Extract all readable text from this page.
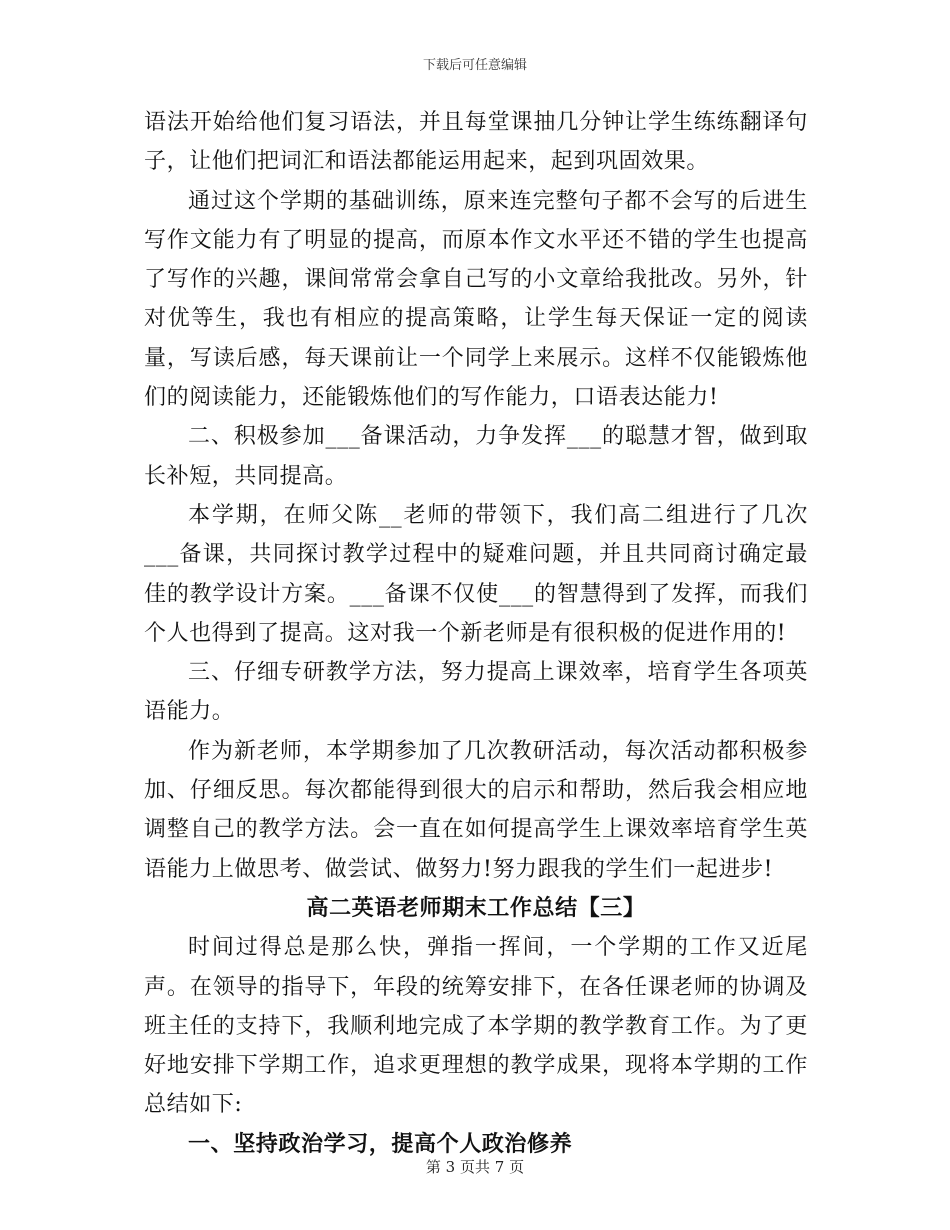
下载后可任意编辑

语法开始给他们复习语法，并且每堂课抽几分钟让学生练练翻译句子，让他们把词汇和语法都能运用起来，起到巩固效果。

通过这个学期的基础训练，原来连完整句子都不会写的后进生写作文能力有了明显的提高，而原本作文水平还不错的学生也提高了写作的兴趣，课间常常会拿自己写的小文章给我批改。另外，针对优等生，我也有相应的提高策略，让学生每天保证一定的阅读量，写读后感，每天课前让一个同学上来展示。这样不仅能锻炼他们的阅读能力，还能锻炼他们的写作能力，口语表达能力!

二、积极参加___备课活动，力争发挥___的聪慧才智，做到取长补短，共同提高。

本学期，在师父陈__老师的带领下，我们高二组进行了几次___备课，共同探讨教学过程中的疑难问题，并且共同商讨确定最佳的教学设计方案。___备课不仅使___的智慧得到了发挥，而我们个人也得到了提高。这对我一个新老师是有很积极的促进作用的!

三、仔细专研教学方法，努力提高上课效率，培育学生各项英语能力。

作为新老师，本学期参加了几次教研活动，每次活动都积极参加、仔细反思。每次都能得到很大的启示和帮助，然后我会相应地调整自己的教学方法。会一直在如何提高学生上课效率培育学生英语能力上做思考、做尝试、做努力!努力跟我的学生们一起进步!

高二英语老师期末工作总结【三】

时间过得总是那么快，弹指一挥间，一个学期的工作又近尾声。在领导的指导下，年段的统筹安排下，在各任课老师的协调及班主任的支持下，我顺利地完成了本学期的教学教育工作。为了更好地安排下学期工作，追求更理想的教学成果，现将本学期的工作总结如下:

一、坚持政治学习，提高个人政治修养

第 3 页共 7 页
